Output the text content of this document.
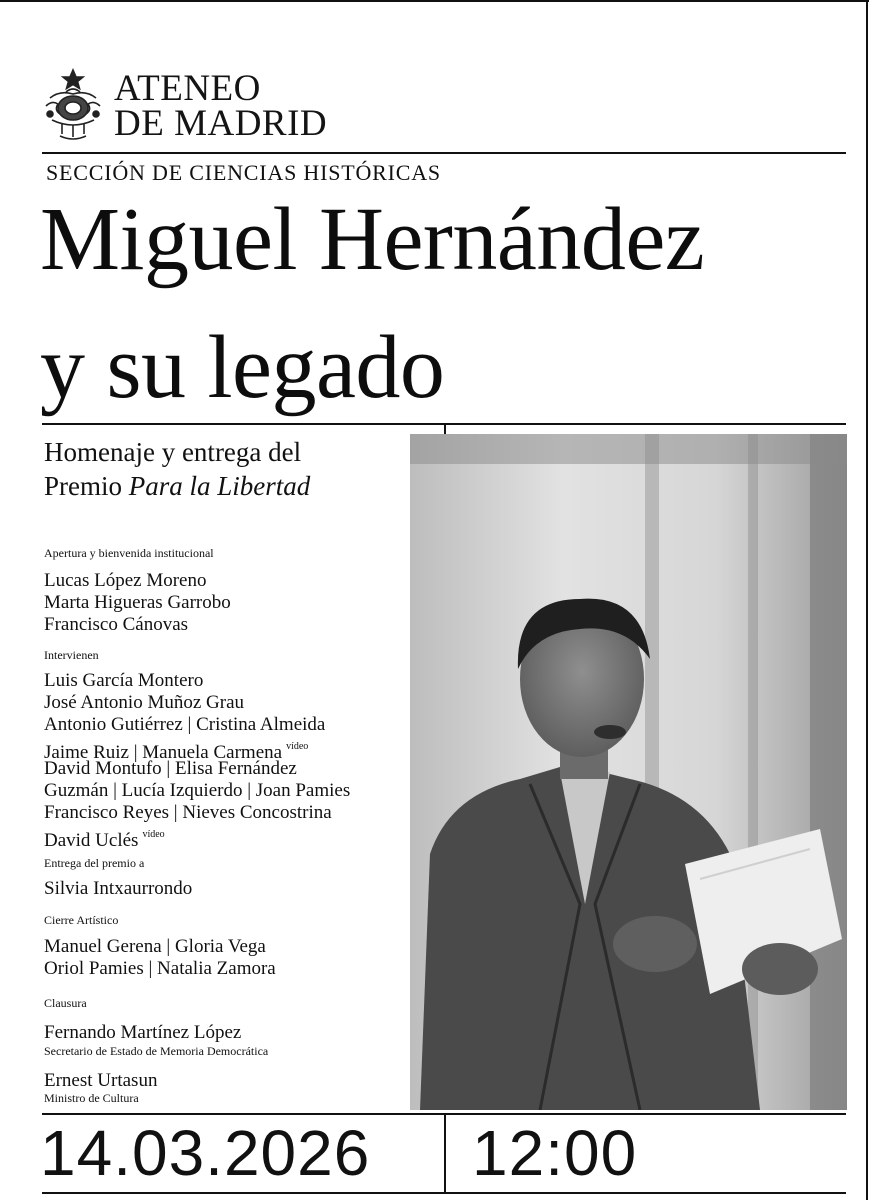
ATENEO
DE MADRID
SECCIÓN DE CIENCIAS HISTÓRICAS
Miguel Hernández
y su legado
Homenaje y entrega del
Premio Para la Libertad
Apertura y bienvenida institucional
Lucas López Moreno
Marta Higueras Garrobo
Francisco Cánovas
Intervienen
Luis García Montero
José Antonio Muñoz Grau
Antonio Gutiérrez | Cristina Almeida
Jaime Ruiz | Manuela Carmena $^{vídeo}$
David Montufo | Elisa Fernández
Guzmán | Lucía Izquierdo | Joan Pamies
Francisco Reyes | Nieves Concostrina
David Uclés $^{vídeo}$
Entrega del premio a
Silvia Intxaurrondo
Cierre Artístico
Manuel Gerena | Gloria Vega
Oriol Pamies | Natalia Zamora
Clausura
Fernando Martínez López
Secretario de Estado de Memoria Democrática
Ernest Urtasun
Ministro de Cultura
14.03.2026 12:00
